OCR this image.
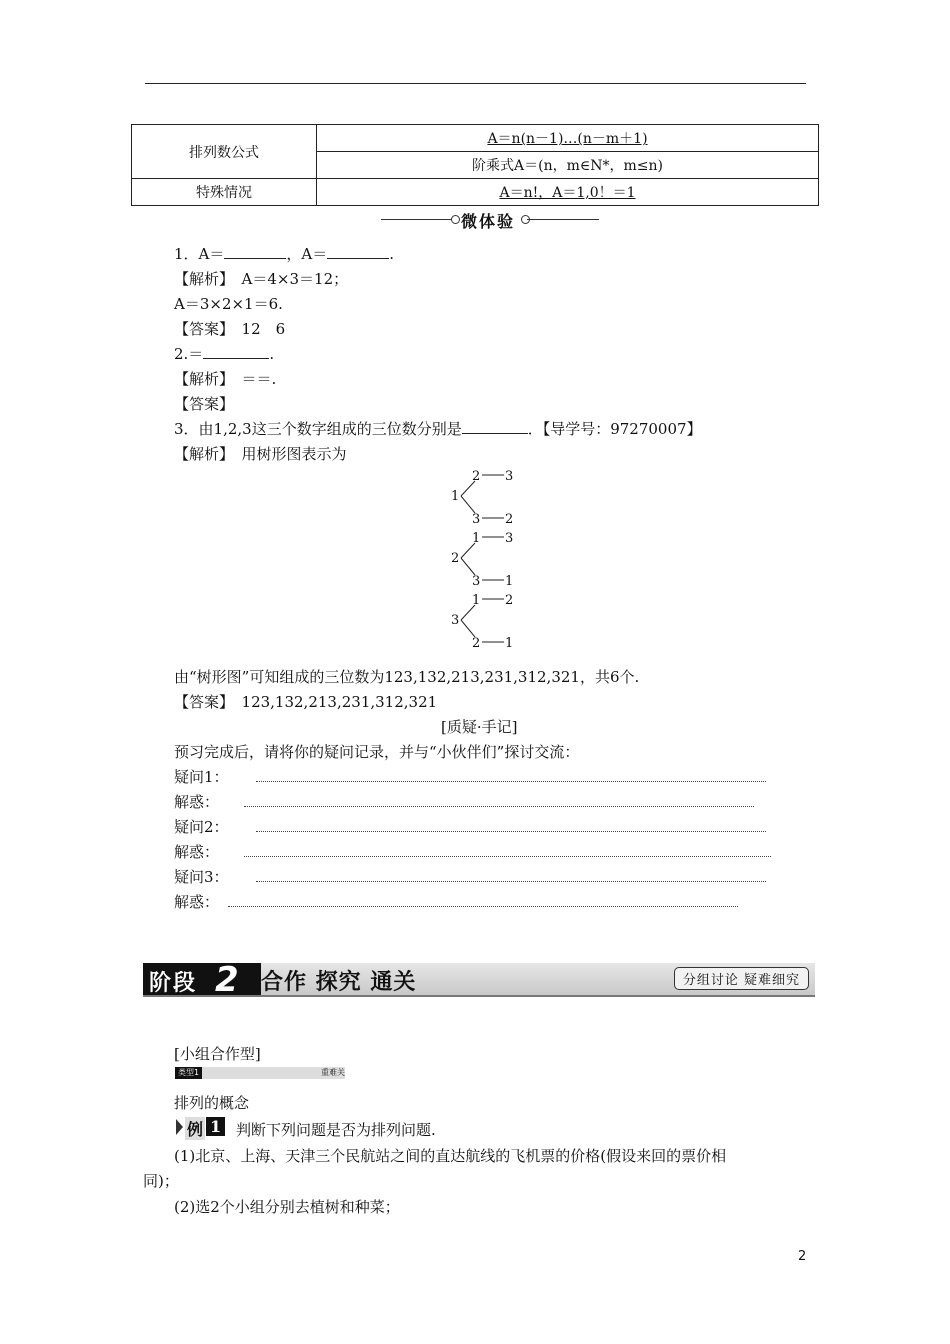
排列数公式	A＝n(n－1)…(n－m＋1)
	阶乘式A＝(n，m∈N*，m≤n)
特殊情况	A＝n!，A＝1,0！＝1
微体验
1．A＝	，A＝	.
【解析】　 A＝4×3＝12；
A＝3×2×1＝6.
【答案】　 12　6
2.＝	.
【解析】　 ＝＝.
【答案】
3．由1,2,3这三个数字组成的三位数分别是	．【导学号：97270007】
【解析】　 用树形图表示为
1
2 3
3 2
2
1 3
3 1
3
1 2
2 1
由“树形图”可知组成的三位数为123,132,213,231,312,321，共6个.
【答案】　 123,132,213,231,312,321
[质疑·手记]
预习完成后，请将你的疑问记录，并与“小伙伴们”探讨交流：
疑问1：
解惑：
疑问2：
解惑：
疑问3：
解惑：
阶段 2 合作 探究 通关	分组讨论 疑难细究
[小组合作型]
类型1	重难关
排列的概念
例 1 判断下列问题是否为排列问题.
(1)北京、上海、天津三个民航站之间的直达航线的飞机票的价格(假设来回的票价相
同)；
(2)选2个小组分别去植树和种菜；
2
